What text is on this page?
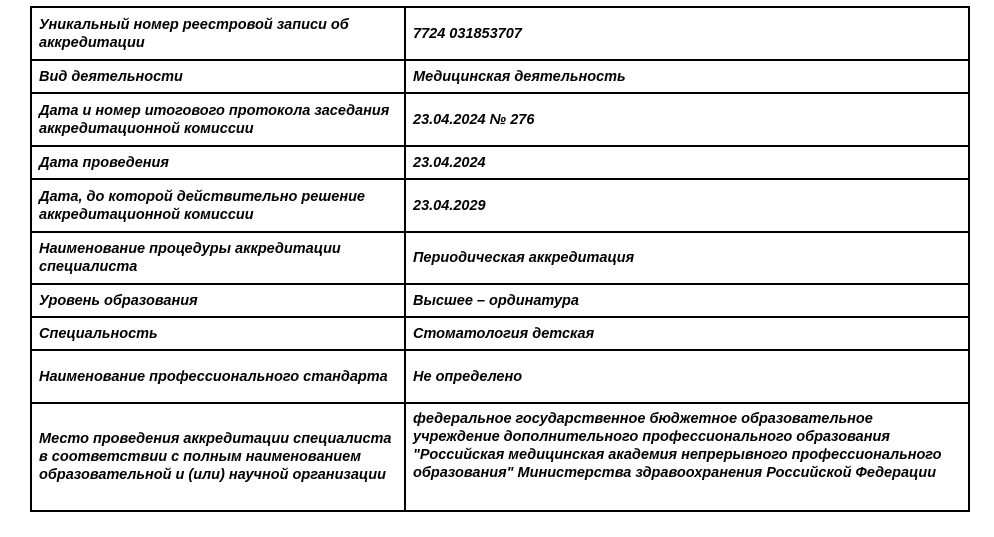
Уникальный номер реестровой записи об аккредитации	7724 031853707
Вид деятельности	Медицинская деятельность
Дата и номер итогового протокола заседания аккредитационной комиссии	23.04.2024 № 276
Дата проведения	23.04.2024
Дата, до которой действительно решение аккредитационной комиссии	23.04.2029
Наименование процедуры аккредитации специалиста	Периодическая аккредитация
Уровень образования	Высшее – ординатура
Специальность	Стоматология детская
Наименование профессионального стандарта	Не определено
Место проведения аккредитации специалиста в соответствии с полным наименованием образовательной и (или) научной организации	федеральное государственное бюджетное образовательное учреждение дополнительного профессионального образования "Российская медицинская академия непрерывного профессионального образования" Министерства здравоохранения Российской Федерации
